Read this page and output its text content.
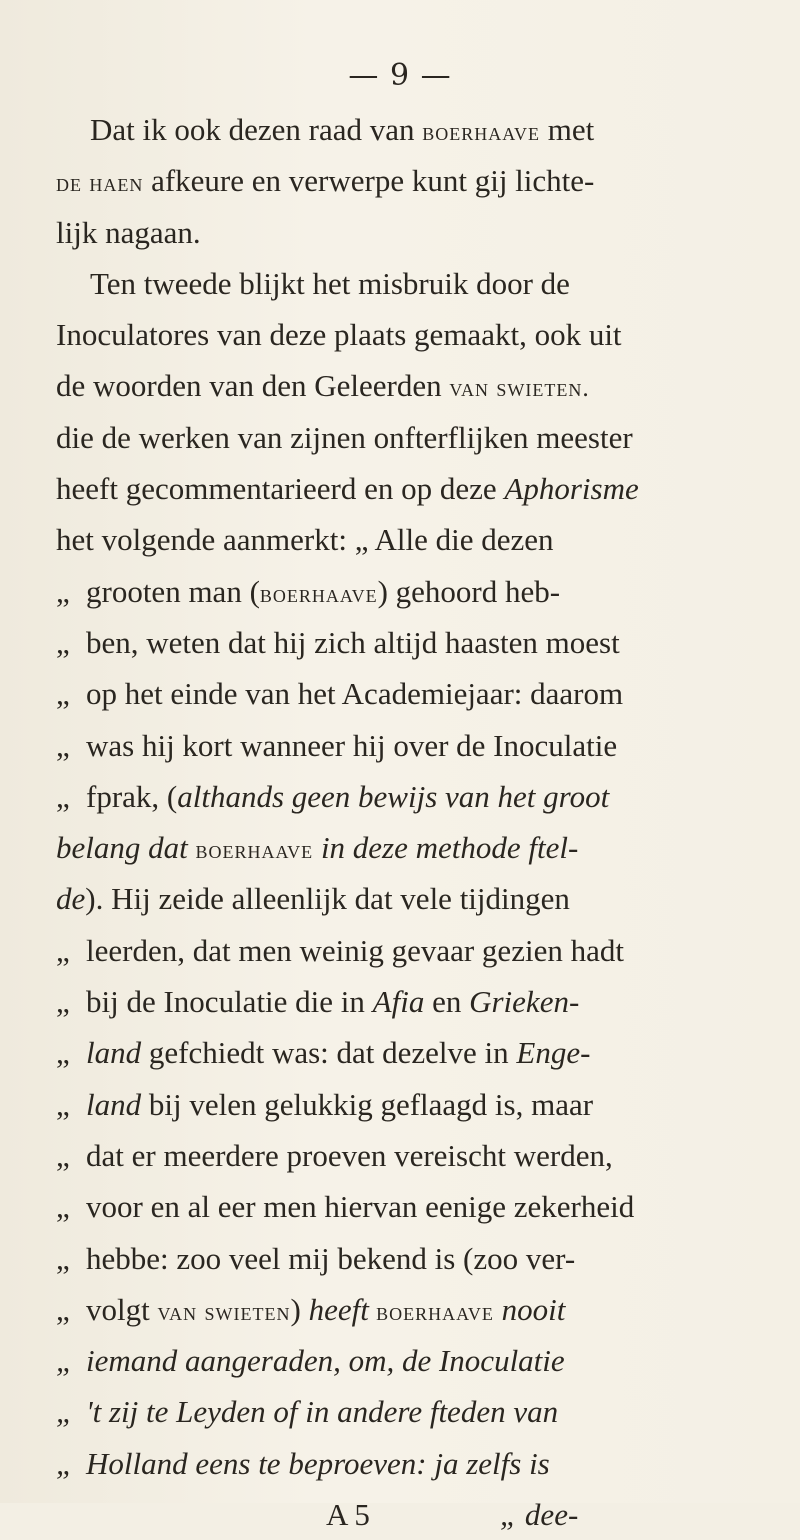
— 9 —
Dat ik ook dezen raad van boerhaave met
de haen afkeure en verwerpe kunt gij lichte-
lijk nagaan.
Ten tweede blijkt het misbruik door de
Inoculatores van deze plaats gemaakt, ook uit
de woorden van den Geleerden van swieten.
die de werken van zijnen onfterflijken meester
heeft gecommentarieerd en op deze Aphorisme
het volgende aanmerkt: „ Alle die dezen
„ grooten man (boerhaave) gehoord heb-
„ ben, weten dat hij zich altijd haasten moest
„ op het einde van het Academiejaar: daarom
„ was hij kort wanneer hij over de Inoculatie
„ fprak, (althands geen bewijs van het groot
belang dat boerhaave in deze methode ftel-
de). Hij zeide alleenlijk dat vele tijdingen
„ leerden, dat men weinig gevaar gezien hadt
„ bij de Inoculatie die in Afia en Grieken-
„ land gefchiedt was: dat dezelve in Enge-
„ land bij velen gelukkig geflaagd is, maar
„ dat er meerdere proeven vereischt werden,
„ voor en al eer men hiervan eenige zekerheid
„ hebbe: zoo veel mij bekend is (zoo ver-
„ volgt van swieten) heeft boerhaave nooit
„ iemand aangeraden, om, de Inoculatie
„ 't zij te Leyden of in andere fteden van
„ Holland eens te beproeven: ja zelfs is
A 5	„ dee-
